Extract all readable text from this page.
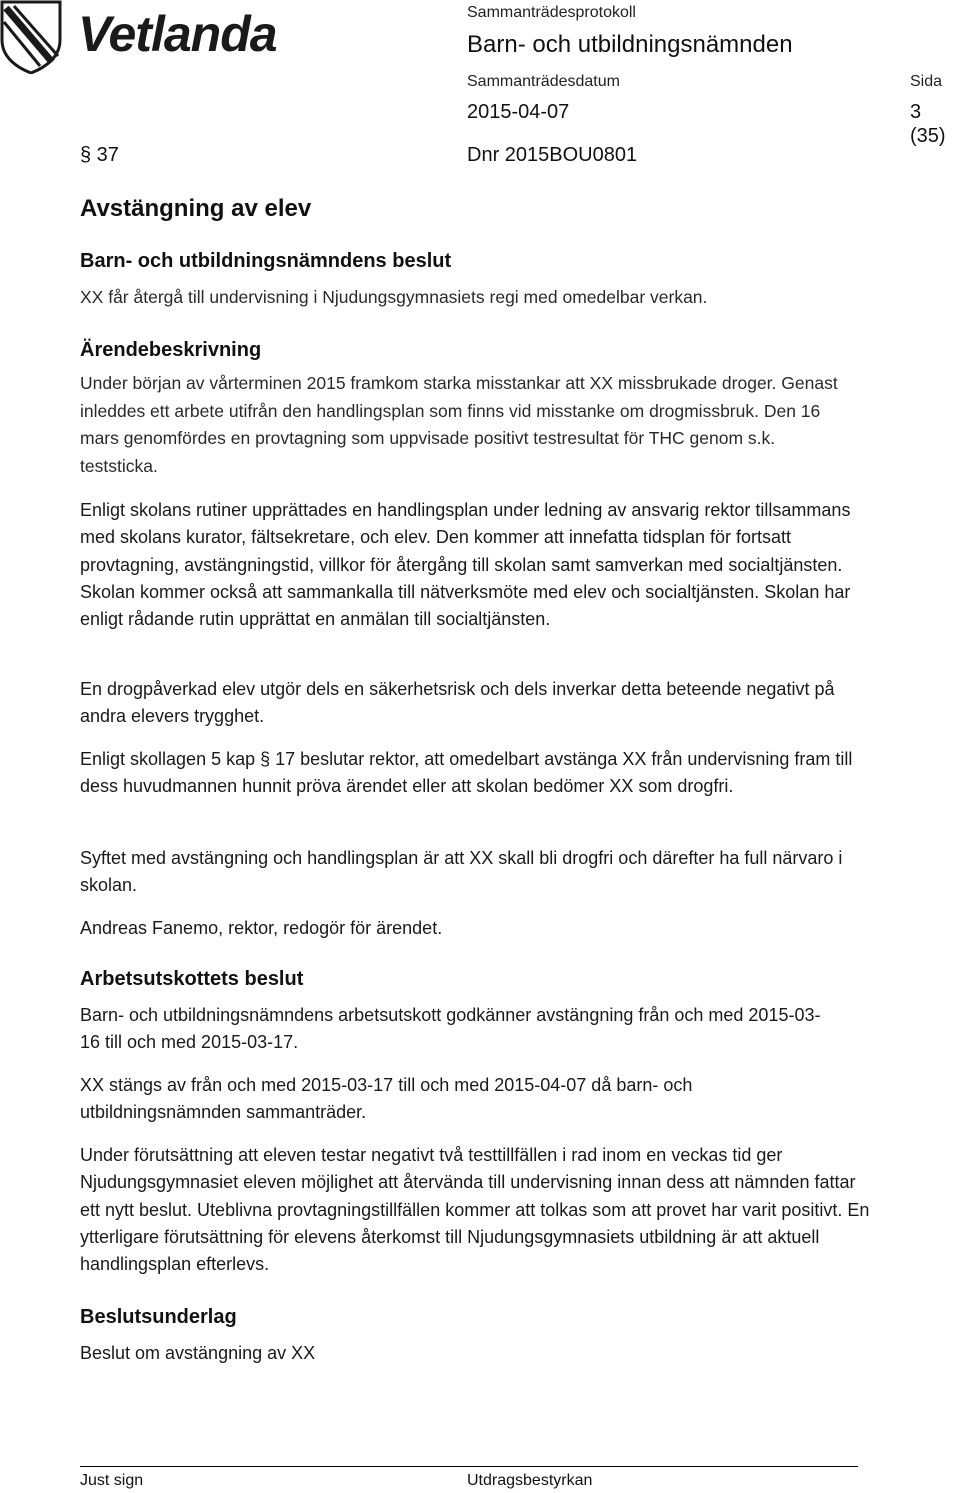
Vetlanda	Sammanträdesprotokoll
Barn- och utbildningsnämnden
Sammanträdesdatum
2015-04-07
Sida
3 (35)
§ 37	Dnr 2015BOU0801
Avstängning av elev
Barn- och utbildningsnämndens beslut

XX får återgå till undervisning i Njudungsgymnasiets regi med omedelbar verkan.

Ärendebeskrivning

Under början av vårterminen 2015 framkom starka misstankar att XX missbrukade droger. Genast inleddes ett arbete utifrån den handlingsplan som finns vid misstanke om drogmissbruk. Den 16 mars genomfördes en provtagning som uppvisade positivt testresultat för THC genom s.k. teststicka.

Enligt skolans rutiner upprättades en handlingsplan under ledning av ansvarig rektor tillsammans med skolans kurator, fältsekretare, och elev. Den kommer att innefatta tidsplan för fortsatt provtagning, avstängningstid, villkor för återgång till skolan samt samverkan med socialtjänsten. Skolan kommer också att sammankalla till nätverksmöte med elev och socialtjänsten. Skolan har enligt rådande rutin upprättat en anmälan till socialtjänsten.

En drogpåverkad elev utgör dels en säkerhetsrisk och dels inverkar detta beteende negativt på andra elevers trygghet.

Enligt skollagen 5 kap § 17 beslutar rektor, att omedelbart avstänga XX från undervisning fram till dess huvudmannen hunnit pröva ärendet eller att skolan bedömer XX som drogfri.

Syftet med avstängning och handlingsplan är att XX skall bli drogfri och därefter ha full närvaro i skolan.

Andreas Fanemo, rektor, redogör för ärendet.

Arbetsutskottets beslut

Barn- och utbildningsnämndens arbetsutskott godkänner avstängning från och med 2015-03-16 till och med 2015-03-17.

XX stängs av från och med 2015-03-17 till och med 2015-04-07 då barn- och utbildningsnämnden sammanträder.

Under förutsättning att eleven testar negativt två testtillfällen i rad inom en veckas tid ger Njudungsgymnasiet eleven möjlighet att återvända till undervisning innan dess att nämnden fattar ett nytt beslut. Uteblivna provtagningstillfällen kommer att tolkas som att provet har varit positivt. En ytterligare förutsättning för elevens återkomst till Njudungsgymnasiets utbildning är att aktuell handlingsplan efterlevs.

Beslutsunderlag

Beslut om avstängning av XX

Just sign	Utdragsbestyrkan
